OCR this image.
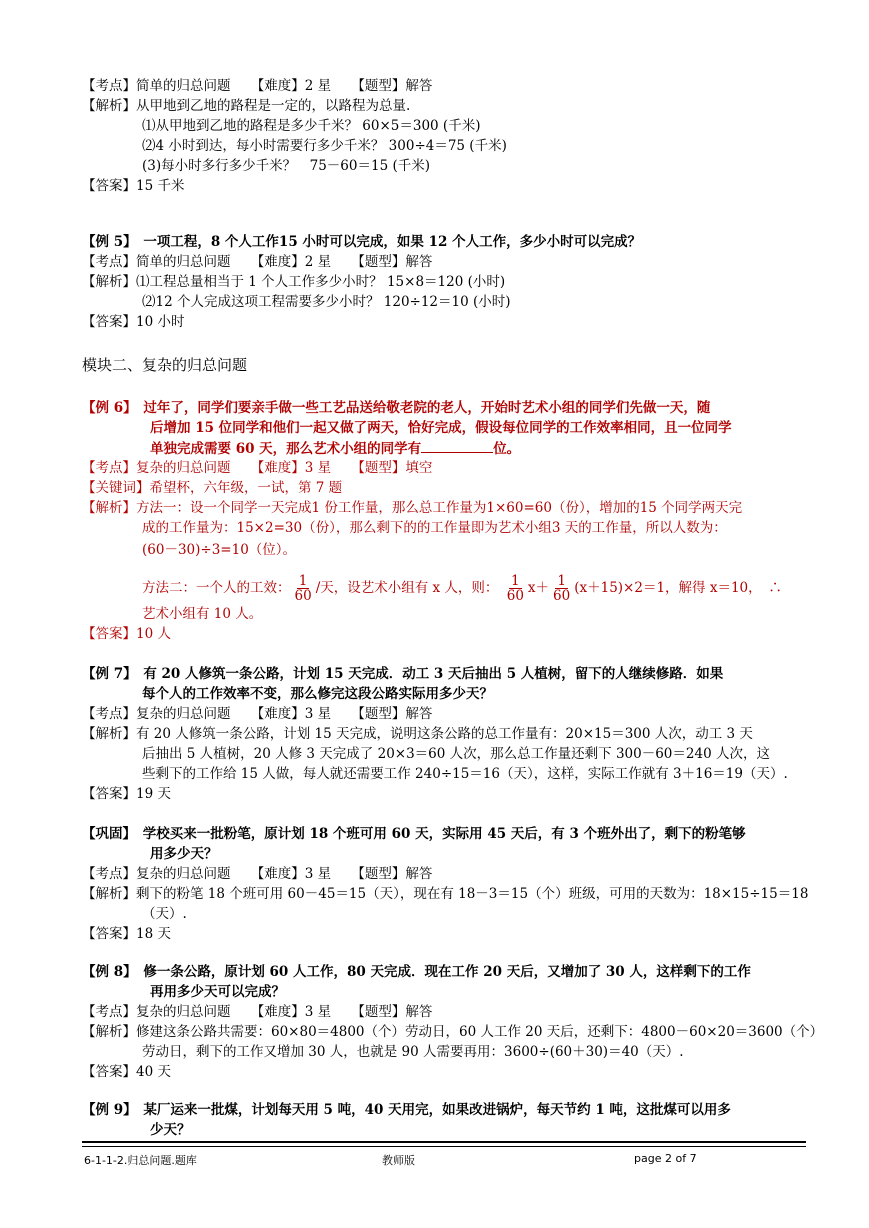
【考点】简单的归总问题　　【难度】2 星　　【题型】解答
【解析】从甲地到乙地的路程是一定的，以路程为总量.
⑴从甲地到乙地的路程是多少千米？ 60×5＝300 (千米)
⑵4 小时到达，每小时需要行多少千米？ 300÷4＝75 (千米)
(3)每小时多行多少千米？　75－60＝15 (千米)
【答案】15 千米
【例 5】　一项工程，8 个人工作15 小时可以完成，如果 12 个人工作，多少小时可以完成？
【考点】简单的归总问题　　【难度】2 星　　【题型】解答
【解析】⑴工程总量相当于 1 个人工作多少小时？ 15×8＝120 (小时)
⑵12 个人完成这项工程需要多少小时？ 120÷12＝10 (小时)
【答案】10 小时
模块二、复杂的归总问题
【例 6】　过年了，同学们要亲手做一些工艺品送给敬老院的老人，开始时艺术小组的同学们先做一天，随
后增加 15 位同学和他们一起又做了两天，恰好完成，假设每位同学的工作效率相同，且一位同学
单独完成需要 60 天，那么艺术小组的同学有	位。
【考点】复杂的归总问题　　【难度】3 星　　【题型】填空
【关键词】希望杯，六年级，一试，第 7 题
【解析】方法一：设一个同学一天完成1 份工作量，那么总工作量为1×60=60（份），增加的15 个同学两天完
成的工作量为：15×2=30（份），那么剩下的的工作量即为艺术小组3 天的工作量，所以人数为：
(60－30)÷3=10（位）。
方法二：一个人的工效： $\frac{1}{60}$ /天，设艺术小组有 x 人，则： $\frac{1}{60} x+ \frac{1}{60} (x+15)\times 2=1$，解得 x＝10，　∴
艺术小组有 10 人。
【答案】10 人
【例 7】　有 20 人修筑一条公路，计划 15 天完成．动工 3 天后抽出 5 人植树，留下的人继续修路．如果
每个人的工作效率不变，那么修完这段公路实际用多少天？
【考点】复杂的归总问题　　【难度】3 星　　【题型】解答
【解析】有 20 人修筑一条公路，计划 15 天完成，说明这条公路的总工作量有：20×15＝300 人次，动工 3 天
后抽出 5 人植树，20 人修 3 天完成了 20×3＝60 人次，那么总工作量还剩下 300－60＝240 人次，这
些剩下的工作给 15 人做，每人就还需要工作 240÷15＝16（天），这样，实际工作就有 3＋16＝19（天）.
【答案】19 天
【巩固】　学校买来一批粉笔，原计划 18 个班可用 60 天，实际用 45 天后，有 3 个班外出了，剩下的粉笔够
用多少天？
【考点】复杂的归总问题　　【难度】3 星　　【题型】解答
【解析】剩下的粉笔 18 个班可用 60－45＝15（天），现在有 18－3＝15（个）班级，可用的天数为：18×15÷15＝18
（天）.
【答案】18 天
【例 8】　修一条公路，原计划 60 人工作，80 天完成．现在工作 20 天后，又增加了 30 人，这样剩下的工作
再用多少天可以完成？
【考点】复杂的归总问题　　【难度】3 星　　【题型】解答
【解析】修建这条公路共需要：60×80＝4800（个）劳动日，60 人工作 20 天后，还剩下：4800－60×20＝3600（个）
劳动日，剩下的工作又增加 30 人，也就是 90 人需要再用：3600÷(60＋30)＝40（天）.
【答案】40 天
【例 9】　某厂运来一批煤，计划每天用 5 吨，40 天用完，如果改进锅炉，每天节约 1 吨，这批煤可以用多
少天？
6-1-1-2.归总问题.题库	教师版	page 2 of 7
